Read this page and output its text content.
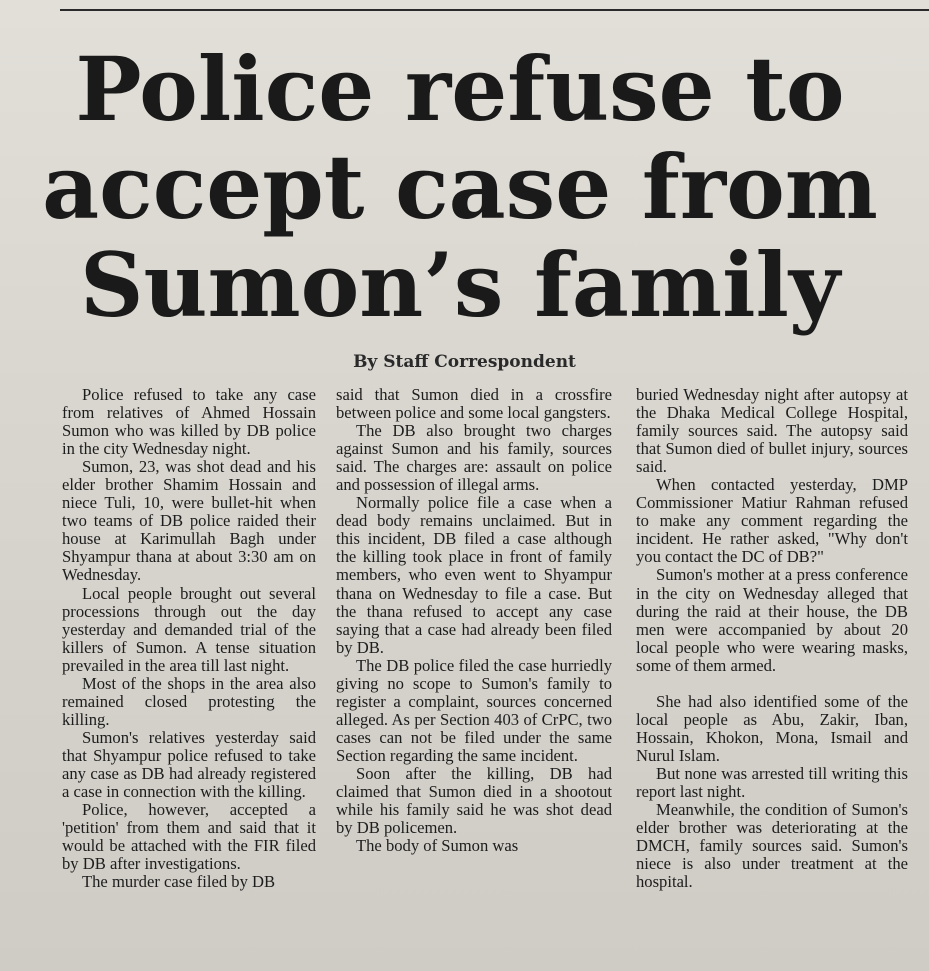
Police refuse to
accept case from
Sumon’s family
By Staff Correspondent

Police refused to take any case from relatives of Ahmed Hossain Sumon who was killed by DB police in the city Wednesday night.

Sumon, 23, was shot dead and his elder brother Shamim Hossain and niece Tuli, 10, were bullet-hit when two teams of DB police raided their house at Karimullah Bagh under Shyampur thana at about 3:30 am on Wednesday.

Local people brought out several processions through out the day yesterday and demanded trial of the killers of Sumon. A tense situation prevailed in the area till last night.

Most of the shops in the area also remained closed protesting the killing.

Sumon's relatives yesterday said that Shyampur police refused to take any case as DB had already registered a case in connection with the killing.

Police, however, accepted a 'petition' from them and said that it would be attached with the FIR filed by DB after investigations.

The murder case filed by DB

said that Sumon died in a crossfire between police and some local gangsters.

The DB also brought two charges against Sumon and his family, sources said. The charges are: assault on police and possession of illegal arms.

Normally police file a case when a dead body remains unclaimed. But in this incident, DB filed a case although the killing took place in front of family members, who even went to Shyampur thana on Wednesday to file a case. But the thana refused to accept any case saying that a case had already been filed by DB.

The DB police filed the case hurriedly giving no scope to Sumon's family to register a complaint, sources concerned alleged. As per Section 403 of CrPC, two cases can not be filed under the same Section regarding the same incident.

Soon after the killing, DB had claimed that Sumon died in a shootout while his family said he was shot dead by DB policemen.

The body of Sumon was

buried Wednesday night after autopsy at the Dhaka Medical College Hospital, family sources said. The autopsy said that Sumon died of bullet injury, sources said.

When contacted yesterday, DMP Commissioner Matiur Rahman refused to make any comment regarding the incident. He rather asked, "Why don't you contact the DC of DB?"

Sumon's mother at a press conference in the city on Wednesday alleged that during the raid at their house, the DB men were accompanied by about 20 local people who were wearing masks, some of them armed.

She had also identified some of the local people as Abu, Zakir, Iban, Hossain, Khokon, Mona, Ismail and Nurul Islam.

But none was arrested till writing this report last night.

Meanwhile, the condition of Sumon's elder brother was deteriorating at the DMCH, family sources said. Sumon's niece is also under treatment at the hospital.
